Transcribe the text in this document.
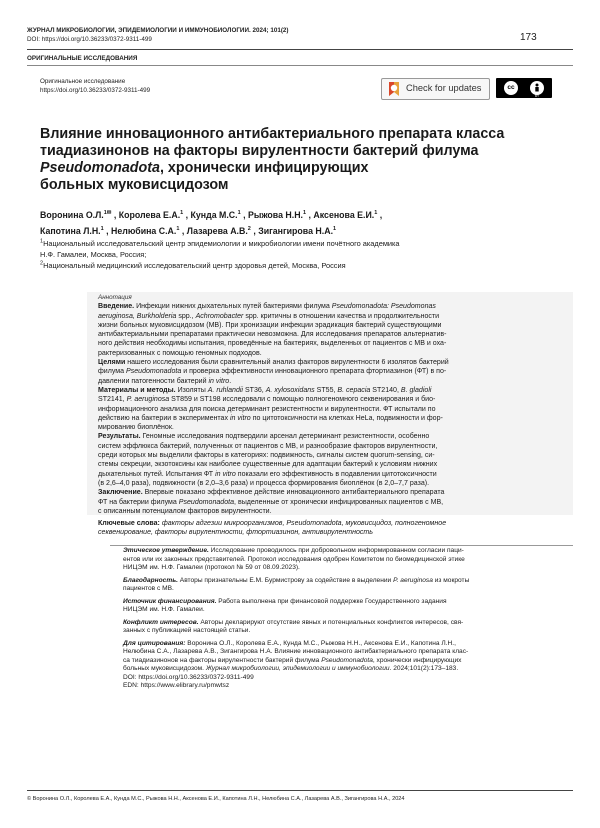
ЖУРНАЛ МИКРОБИОЛОГИИ, ЭПИДЕМИОЛОГИИ И ИММУНОБИОЛОГИИ. 2024; 101(2)
DOI: https://doi.org/10.36233/0372-9311-499	173
ОРИГИНАЛЬНЫЕ ИССЛЕДОВАНИЯ
Оригинальное исследование
https://doi.org/10.36233/0372-9311-499	Check for updates	cc
BY
Влияние инновационного антибактериального препарата класса
тиадиазинонов на факторы вирулентности бактерий филума
Pseudomonadota, хронически инфицирующих
больных муковисцидозом
Воронина О.Л.$^{1✉}$ , Королева Е.А.$^1$ , Кунда М.С.$^1$ , Рыжова Н.Н.$^1$ , Аксенова Е.И.$^1$ ,
Капотина Л.Н.$^1$ , Нелюбина С.А.$^1$ , Лазарева А.В.$^2$ , Зигангирова Н.А.$^1$
$^1$Национальный исследовательский центр эпидемиологии и микробиологии имени почётного академика
Н.Ф. Гамалеи, Москва, Россия;
$^2$Национальный медицинский исследовательский центр здоровья детей, Москва, Россия
Аннотация
Введение. Инфекции нижних дыхательных путей бактериями филума Pseudomonadota: Pseudomonas
aeruginosa, Burkholderia spp., Achromobacter spp. критичны в отношении качества и продолжительности
жизни больных муковисцидозом (МВ). При хронизации инфекции эрадикация бактерий существующими
антибактериальными препаратами практически невозможна. Для исследования препаратов альтернатив-
ного действия необходимы испытания, проведённые на бактериях, выделенных от пациентов с МВ и оха-
рактеризованных с помощью геномных подходов.
Целями нашего исследования были сравнительный анализ факторов вирулентности 6 изолятов бактерий
филума Pseudomonadota и проверка эффективности инновационного препарата фтортиазинон (ФТ) в по-
давлении патогенности бактерий in vitro.
Материалы и методы. Изоляты A. ruhlandii ST36, A. xylosoxidans ST55, B. cepacia ST2140, B. gladioli
ST2141, P. aeruginosa ST859 и ST198 исследовали с помощью полногеномного секвенирования и био-
информационного анализа для поиска детерминант резистентности и вирулентности. ФТ испытали по
действию на бактерии в экспериментах in vitro по цитотоксичности на клетках HeLa, подвижности и фор-
мированию биоплёнок.
Результаты. Геномные исследования подтвердили арсенал детерминант резистентности, особенно
систем эффлюкса бактерий, полученных от пациентов с МВ, и разнообразие факторов вирулентности,
среди которых мы выделили факторы в категориях: подвижность, сигналы систем quorum-sensing, си-
стемы секреции, экзотоксины как наиболее существенные для адаптации бактерий к условиям нижних
дыхательных путей. Испытания ФТ in vitro показали его эффективность в подавлении цитотоксичности
(в 2,6–4,0 раза), подвижности (в 2,0–3,6 раза) и процесса формирования биоплёнок (в 2,0–7,7 раза).
Заключение. Впервые показано эффективное действие инновационного антибактериального препарата
ФТ на бактерии филума Pseudomonadota, выделенные от хронически инфицированных пациентов с МВ,
с описанным потенциалом факторов вирулентности.
Ключевые слова: факторы адгезии микроорганизмов, Pseudomonadota, муковисцидоз, полногеномное
секвенирование, факторы вирулентности, фтортиазинон, антивирулентность
Этическое утверждение. Исследование проводилось при добровольном информированном согласии паци-
ентов или их законных представителей. Протокол исследования одобрен Комитетом по биомедицинской этике
НИЦЭМ им. Н.Ф. Гамалеи (протокол № 59 от 08.09.2023).
Благодарность. Авторы признательны Е.М. Бурмистрову за содействие в выделении P. aeruginosa из мокроты
пациентов с МВ.
Источник финансирования. Работа выполнена при финансовой поддержке Государственного задания
НИЦЭМ им. Н.Ф. Гамалеи.
Конфликт интересов. Авторы декларируют отсутствие явных и потенциальных конфликтов интересов, свя-
занных с публикацией настоящей статьи.
Для цитирования: Воронина О.Л., Королева Е.А., Кунда М.С., Рыжова Н.Н., Аксенова Е.И., Капотина Л.Н.,
Нелюбина С.А., Лазарева А.В., Зигангирова Н.А. Влияние инновационного антибактериального препарата клас-
са тиадиазинонов на факторы вирулентности бактерий филума Pseudomonadota, хронически инфицирующих
больных муковисцидозом. Журнал микробиологии, эпидемиологии и иммунобиологии. 2024;101(2):173–183.
DOI: https://doi.org/10.36233/0372-9311-499
EDN: https://www.elibrary.ru/pmwtsz
© Воронина О.Л., Королева Е.А., Кунда М.С., Рыжова Н.Н., Аксенова Е.И., Капотина Л.Н., Нелюбина С.А., Лазарева А.В., Зигангирова Н.А., 2024
